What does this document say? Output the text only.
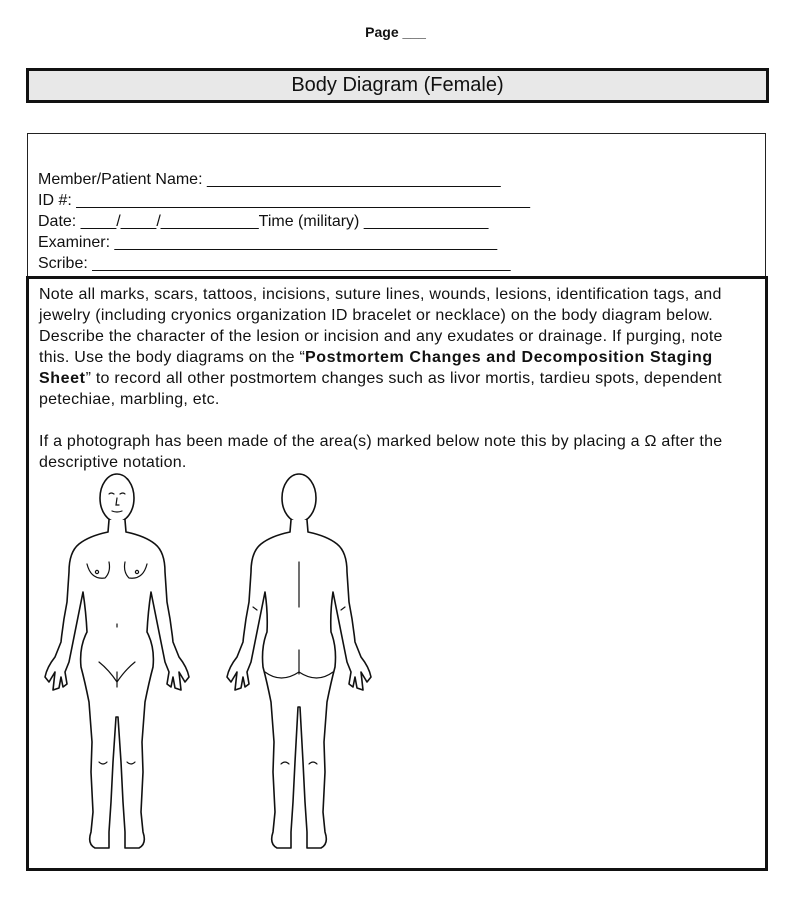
Page ___
Body Diagram (Female)
Member/Patient Name: _________________________________
ID #: ___________________________________________________
Date: ____/____/___________Time (military) ______________
Examiner: ___________________________________________
Scribe: _______________________________________________

Note all marks, scars, tattoos, incisions, suture lines, wounds, lesions, identification tags, and jewelry (including cryonics organization ID bracelet or necklace) on the body diagram below. Describe the character of the lesion or incision and any exudates or drainage. If purging, note this. Use the body diagrams on the “Postmortem Changes and Decomposition Staging Sheet” to record all other postmortem changes such as livor mortis, tardieu spots, dependent petechiae, marbling, etc.

If a photograph has been made of the area(s) marked below note this by placing a Ω after the descriptive notation.
